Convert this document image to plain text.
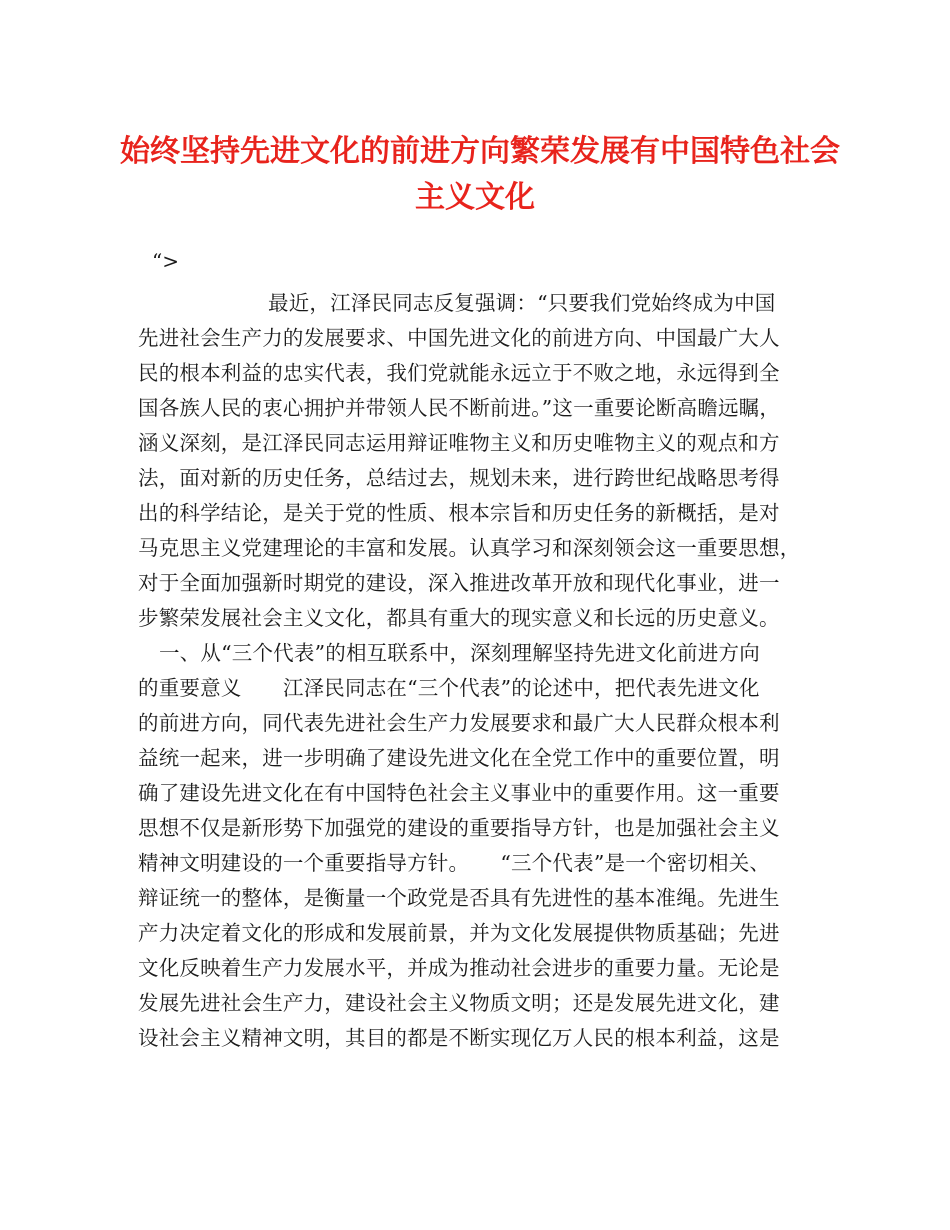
始终坚持先进文化的前进方向繁荣发展有中国特色社会
主义文化
“>
最近，江泽民同志反复强调：“只要我们党始终成为中国
先进社会生产力的发展要求、中国先进文化的前进方向、中国最广大人
民的根本利益的忠实代表，我们党就能永远立于不败之地，永远得到全
国各族人民的衷心拥护并带领人民不断前进。”这一重要论断高瞻远瞩，
涵义深刻，是江泽民同志运用辩证唯物主义和历史唯物主义的观点和方
法，面对新的历史任务，总结过去，规划未来，进行跨世纪战略思考得
出的科学结论，是关于党的性质、根本宗旨和历史任务的新概括，是对
马克思主义党建理论的丰富和发展。认真学习和深刻领会这一重要思想，
对于全面加强新时期党的建设，深入推进改革开放和现代化事业，进一
步繁荣发展社会主义文化，都具有重大的现实意义和长远的历史意义。
一、从“三个代表”的相互联系中，深刻理解坚持先进文化前进方向
的重要意义　　江泽民同志在“三个代表”的论述中，把代表先进文化
的前进方向，同代表先进社会生产力发展要求和最广大人民群众根本利
益统一起来，进一步明确了建设先进文化在全党工作中的重要位置，明
确了建设先进文化在有中国特色社会主义事业中的重要作用。这一重要
思想不仅是新形势下加强党的建设的重要指导方针，也是加强社会主义
精神文明建设的一个重要指导方针。　　“三个代表”是一个密切相关、
辩证统一的整体，是衡量一个政党是否具有先进性的基本准绳。先进生
产力决定着文化的形成和发展前景，并为文化发展提供物质基础；先进
文化反映着生产力发展水平，并成为推动社会进步的重要力量。无论是
发展先进社会生产力，建设社会主义物质文明；还是发展先进文化，建
设社会主义精神文明，其目的都是不断实现亿万人民的根本利益，这是
